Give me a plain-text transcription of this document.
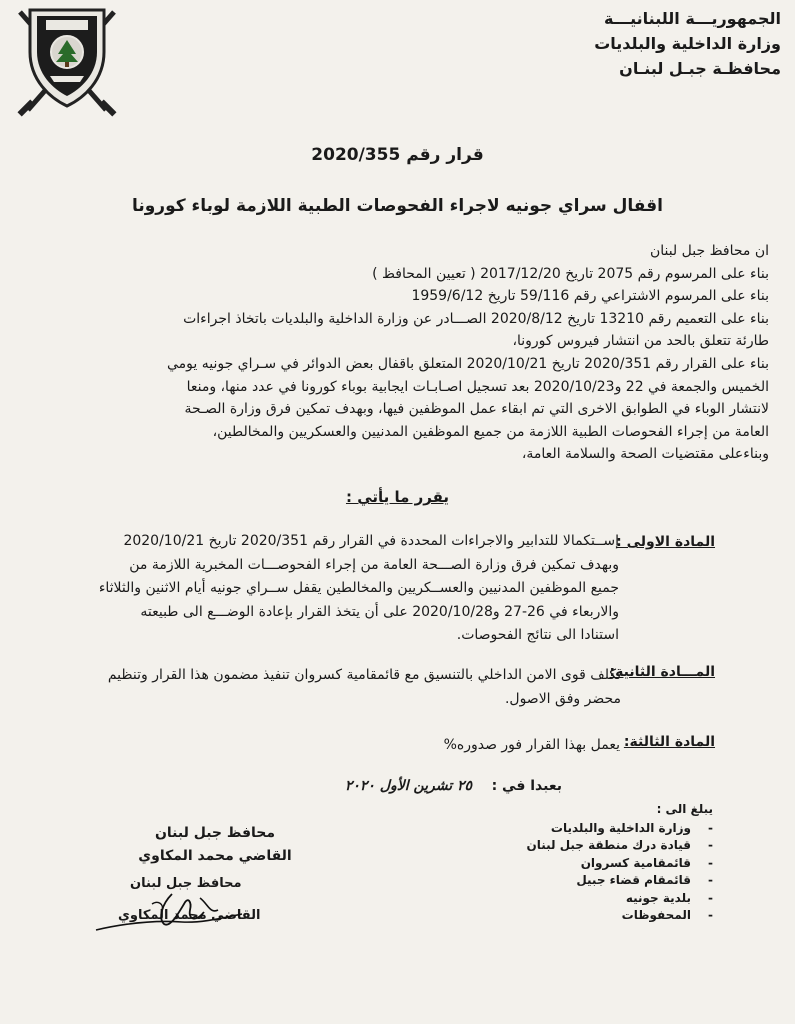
الجمهوريـــة اللبنانيـــة
وزارة الداخلية والبلديات
محافظـة جبـل لبنـان
قرار رقم 2020/355
اقفال سراي جونيه لاجراء الفحوصات الطبية اللازمة لوباء كورونا
ان محافظ جبل لبنان
بناء على المرسوم رقم 2075 تاريخ 2017/12/20 ( تعيين المحافظ )
بناء على المرسوم الاشتراعي رقم 59/116 تاريخ 1959/6/12
بناء على التعميم رقم 13210 تاريخ 2020/8/12 الصـــادر عن وزارة الداخلية والبلديات باتخاذ اجراءات
طارئة تتعلق بالحد من انتشار فيروس كورونا،
بناء على القرار رقم 2020/351 تاريخ 2020/10/21 المتعلق باقفال بعض الدوائر في سـراي جونيه يومي
الخميس والجمعة في 22 و2020/10/23 بعد تسجيل اصـابـات ايجابية بوباء كورونا في عدد منها، ومنعا
لانتشار الوباء في الطوابق الاخرى التي تم ابقاء عمل الموظفين فيها، وبهدف تمكين فرق وزارة الصـحة
العامة من إجراء الفحوصات الطبية اللازمة من جميع الموظفين المدنيين والعسكريين والمخالطين،
وبناءعلى مقتضيات الصحة والسلامة العامة،
يقرر ما يأتي :
المادة الاولى :
إســتكمالا للتدابير والاجراءات المحددة في القرار رقم 2020/351 تاريخ 2020/10/21
وبهدف تمكين فرق وزارة الصـــحة العامة من إجراء الفحوصـــات المخبرية اللازمة من
جميع الموظفين المدنيين والعســكريين والمخالطين يقفل ســراي جونيه أيام الاثنين والثلاثاء
والاربعاء في 26-27 و2020/10/28 على أن يتخذ القرار بإعادة الوضـــع الى طبيعته
استنادا الى نتائج الفحوصات.
المـــادة الثانية:
تكلف قوى الامن الداخلي بالتنسيق مع قائمقامية كسروان تنفيذ مضمون هذا القرار وتنظيم
محضر وفق الاصول.
المادة الثالثة:
يعمل بهذا القرار فور صدوره%
بعبدا في :    ٢٥ تشرين الأول ٢٠٢٠
يبلغ الى :
- وزارة الداخلية والبلديات
- قيادة درك منطقة جبل لبنان
- قائمقامية كسروان
- قائمقام قضاء جبيل
- بلدية جونيه
- المحفوظات
محافظ جبل لبنان
القاضي محمد المكاوي
محافظ جبل لبنان
القاضي محمد المكاوي
